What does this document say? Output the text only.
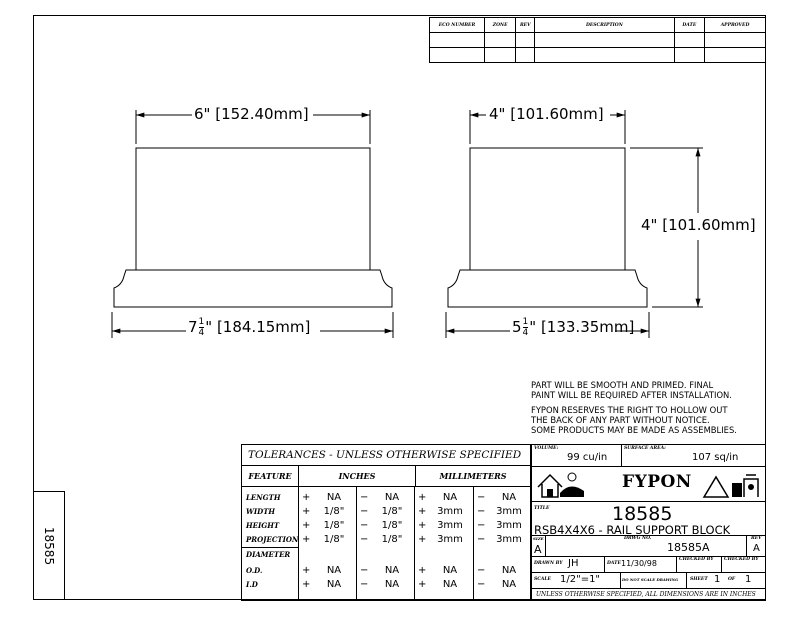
ECO NUMBER	ZONE	REV	DESCRIPTION	DATE	APPROVED

6" [152.40mm]
$7 \frac{1}{4}$ " [184.15mm]
4" [101.60mm]
4" [101.60mm]
$5 \frac{1}{4}$ " [133.35mm]
PART WILL BE SMOOTH AND PRIMED. FINAL
PAINT WILL BE REQUIRED AFTER INSTALLATION.
FYPON RESERVES THE RIGHT TO HOLLOW OUT
THE BACK OF ANY PART WITHOUT NOTICE.
SOME PRODUCTS MAY BE MADE AS ASSEMBLIES.
TOLERANCES - UNLESS OTHERWISE SPECIFIED
FEATURE	INCHES	MILLIMETERS
LENGTH	+	NA	−	NA	+	NA	−	NA
WIDTH	+	1/8"	−	1/8"	+	3mm	−	3mm
HEIGHT	+	1/8"	−	1/8"	+	3mm	−	3mm
PROJECTION +	1/8"	−	1/8"	+	3mm	−	3mm
DIAMETER
O.D.	+	NA	−	NA	+	NA	−	NA
I.D	+	NA	−	NA	+	NA	−	NA
VOLUME:
99 cu/in
SURFACE AREA:
107 sq/in
FYPON
TITLE	18585
RSB4X4X6 - RAIL SUPPORT BLOCK
SIZE
A
DRWG NO.
18585A
REV
A
DRAWN BY JH	DATE 11/30/98	CHECKED BY CHECKED BY
SCALE 1/2"=1"	DO NOT SCALE DRAWING	SHEET 1 OF 1
UNLESS OTHERWISE SPECIFIED, ALL DIMENSIONS ARE IN INCHES
18585
